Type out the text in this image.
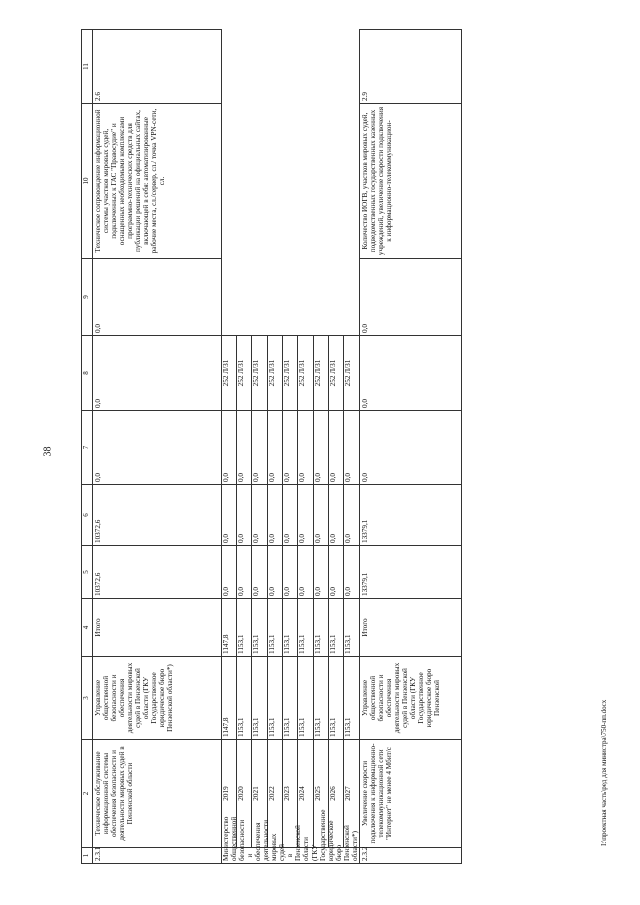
38
1	2	3	4	5	6	7	8	9	10	11
2.3.1	Техническое обслуживание информационной системы обеспечения безопасности и деятельности мировых судей в Пензенской области	Управление общественной безопасности и обеспечения деятельности мировых судей в Пензенской области (ГКУ Государственное юридическое бюро Пензенской области*)	Итого	10372,6	10372,6	0,0	0,0	0,0	Техническое сопровождение информационной системы участков мировых судей, подключенных к ГАС "Правосудие" и оснащенных необходимыми комплексами программно-технических средств для публикации решений на официальных сайтах, включающей в себя: автоматизированные рабочие места, сл./сервер, сл./ точка VPN-сети, сл.	2.6
Министерство общественной безопасности и обеспечения деятельности мировых судей в Пензенской области (ГКУ Государственное юридическое бюро Пензенской области*)	2019	1147,8	1147,8	0,0	0,0	0,0	252 Л/31			
	2020	1153,1	1153,1	0,0	0,0	0,0	252 Л/31			
	2021	1153,1	1153,1	0,0	0,0	0,0	252 Л/31			
	2022	1153,1	1153,1	0,0	0,0	0,0	252 Л/31			
	2023	1153,1	1153,1	0,0	0,0	0,0	252 Л/31			
	2024	1153,1	1153,1	0,0	0,0	0,0	252 Л/31			
	2025	1153,1	1153,1	0,0	0,0	0,0	252 Л/31			
	2026	1153,1	1153,1	0,0	0,0	0,0	252 Л/31			
	2027	1153,1	1153,1	0,0	0,0	0,0	252 Л/31			
2.3.2	Увеличение скорости подключения к информационно-телекоммуникационной сети "Интернет" не менее 4 Мбит/с	Управление общественной безопасности и обеспечения деятельности мировых судей в Пензенской области (ГКУ Государственное юридическое бюро Пензенской	Итого	13379,1	13379,1	0,0	0,0	0,0	Количество ИОГВ, участков мировых судей, подведомственных государственных казенных учреждений, увеличение скорости подключения к информационно-телекоммуникацион-	2.9
I:\проектная часть\ред для министра\750-пп.docx
